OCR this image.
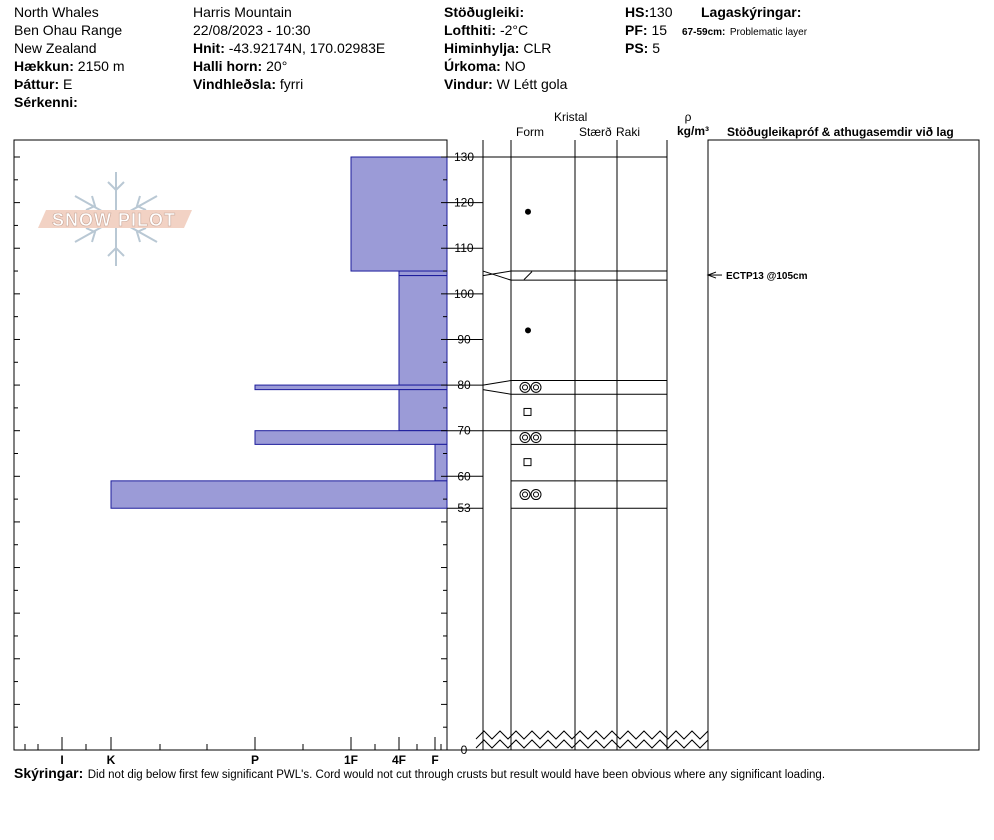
North Whales
Ben Ohau Range
New Zealand
Hækkun: 2150 m
Þáttur: E
Sérkenni:
Harris Mountain
22/08/2023 - 10:30
Hnit: -43.92174N, 170.02983E
Halli horn: 20°
Vindhleðsla: fyrri
Stöðugleiki:
Lofthiti: -2°C
Himinhylja: CLR
Úrkoma: NO
Vindur: W Létt gola
HS:130
PF: 15
PS: 5
Lagaskýringar:
67-59cm: Problematic layer
SNOW PILOT
I	K	P	1F	4F F
130
120
110
100
90
80
70
60
53
0
Kristal
Form	Stærð Raki
ρ
kg/m³ Stöðugleikapróf & athugasemdir við lag
ECTP13 @105cm
Skýringar: Did not dig below first few significant PWL's. Cord would not cut through crusts but result would have been obvious where any significant loading.
